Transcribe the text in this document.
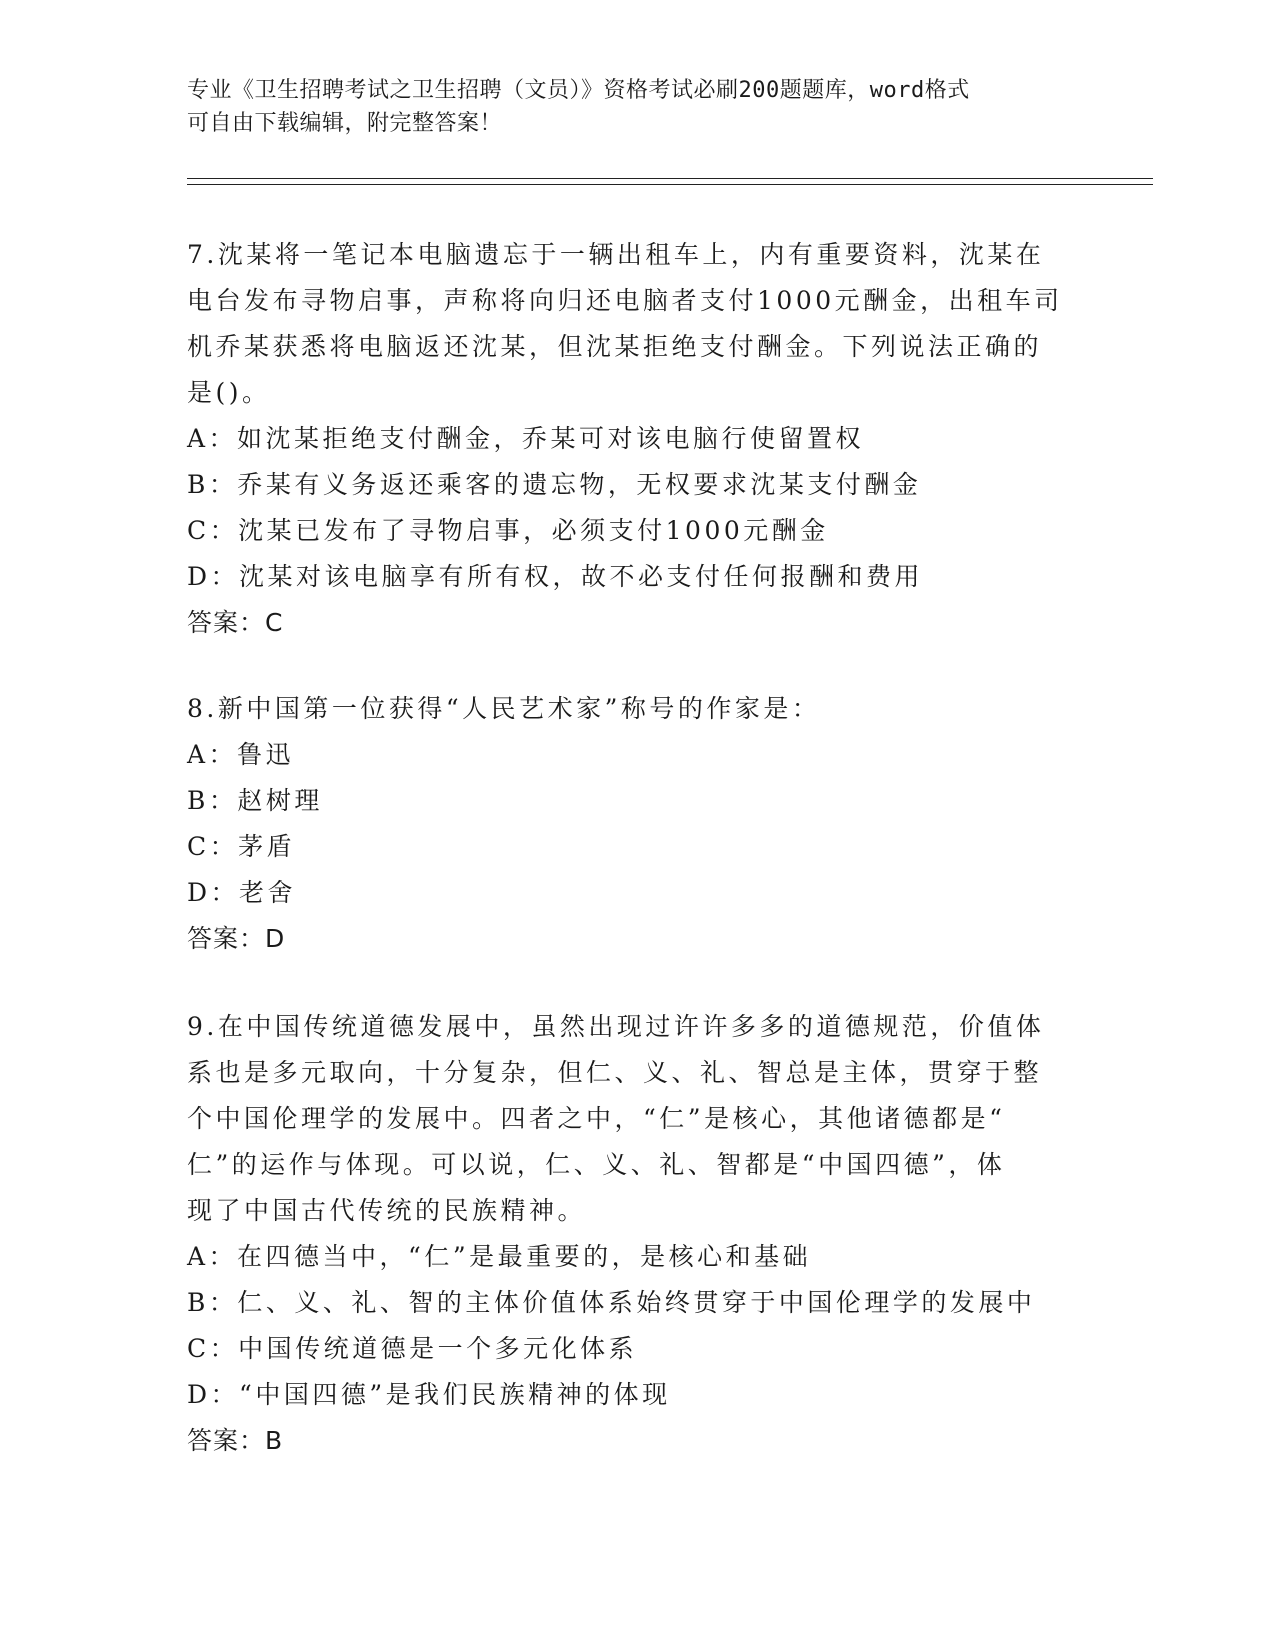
专业《卫生招聘考试之卫生招聘（文员）》资格考试必刷200题题库，word格式
可自由下载编辑，附完整答案！
7.沈某将一笔记本电脑遗忘于一辆出租车上，内有重要资料，沈某在
电台发布寻物启事，声称将向归还电脑者支付1000元酬金，出租车司
机乔某获悉将电脑返还沈某，但沈某拒绝支付酬金。下列说法正确的
是()。
A：如沈某拒绝支付酬金，乔某可对该电脑行使留置权
B：乔某有义务返还乘客的遗忘物，无权要求沈某支付酬金
C：沈某已发布了寻物启事，必须支付1000元酬金
D：沈某对该电脑享有所有权，故不必支付任何报酬和费用
答案：C
8.新中国第一位获得“人民艺术家”称号的作家是：
A：鲁迅
B：赵树理
C：茅盾
D：老舍
答案：D
9.在中国传统道德发展中，虽然出现过许许多多的道德规范，价值体
系也是多元取向，十分复杂，但仁、义、礼、智总是主体，贯穿于整
个中国伦理学的发展中。四者之中，“仁”是核心，其他诸德都是“
仁”的运作与体现。可以说，仁、义、礼、智都是“中国四德”，体
现了中国古代传统的民族精神。
A：在四德当中，“仁”是最重要的，是核心和基础
B：仁、义、礼、智的主体价值体系始终贯穿于中国伦理学的发展中
C：中国传统道德是一个多元化体系
D：“中国四德”是我们民族精神的体现
答案：B
